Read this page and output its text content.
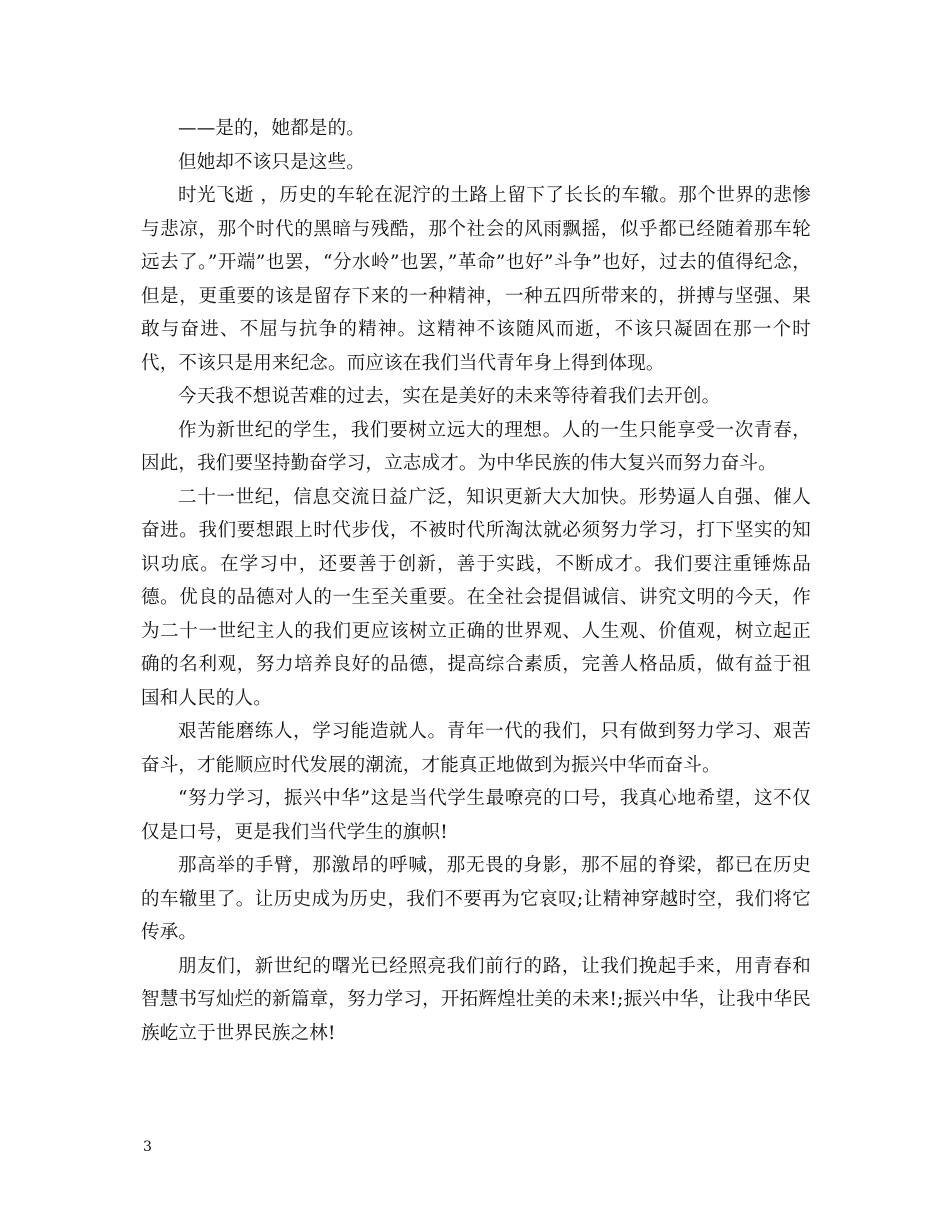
——是的，她都是的。

但她却不该只是这些。

时光飞逝 ，历史的车轮在泥泞的土路上留下了长长的车辙。那个世界的悲惨与悲凉，那个时代的黑暗与残酷，那个社会的风雨飘摇，似乎都已经随着那车轮远去了。”开端”也罢，“分水岭”也罢，”革命”也好”斗争”也好，过去的值得纪念，但是，更重要的该是留存下来的一种精神，一种五四所带来的，拼搏与坚强、果敢与奋进、不屈与抗争的精神。这精神不该随风而逝，不该只凝固在那一个时代，不该只是用来纪念。而应该在我们当代青年身上得到体现。

今天我不想说苦难的过去，实在是美好的未来等待着我们去开创。

作为新世纪的学生，我们要树立远大的理想。人的一生只能享受一次青春，因此，我们要坚持勤奋学习，立志成才。为中华民族的伟大复兴而努力奋斗。

二十一世纪，信息交流日益广泛，知识更新大大加快。形势逼人自强、催人奋进。我们要想跟上时代步伐，不被时代所淘汰就必须努力学习，打下坚实的知识功底。在学习中，还要善于创新，善于实践，不断成才。我们要注重锤炼品德。优良的品德对人的一生至关重要。在全社会提倡诚信、讲究文明的今天，作为二十一世纪主人的我们更应该树立正确的世界观、人生观、价值观，树立起正确的名利观，努力培养良好的品德，提高综合素质，完善人格品质，做有益于祖国和人民的人。

艰苦能磨练人，学习能造就人。青年一代的我们，只有做到努力学习、艰苦奋斗，才能顺应时代发展的潮流，才能真正地做到为振兴中华而奋斗。

“努力学习，振兴中华”这是当代学生最嘹亮的口号，我真心地希望，这不仅仅是口号，更是我们当代学生的旗帜!

那高举的手臂，那激昂的呼喊，那无畏的身影，那不屈的脊梁，都已在历史的车辙里了。让历史成为历史，我们不要再为它哀叹;让精神穿越时空，我们将它传承。

朋友们，新世纪的曙光已经照亮我们前行的路，让我们挽起手来，用青春和智慧书写灿烂的新篇章，努力学习，开拓辉煌壮美的未来!;振兴中华，让我中华民族屹立于世界民族之林!

3
